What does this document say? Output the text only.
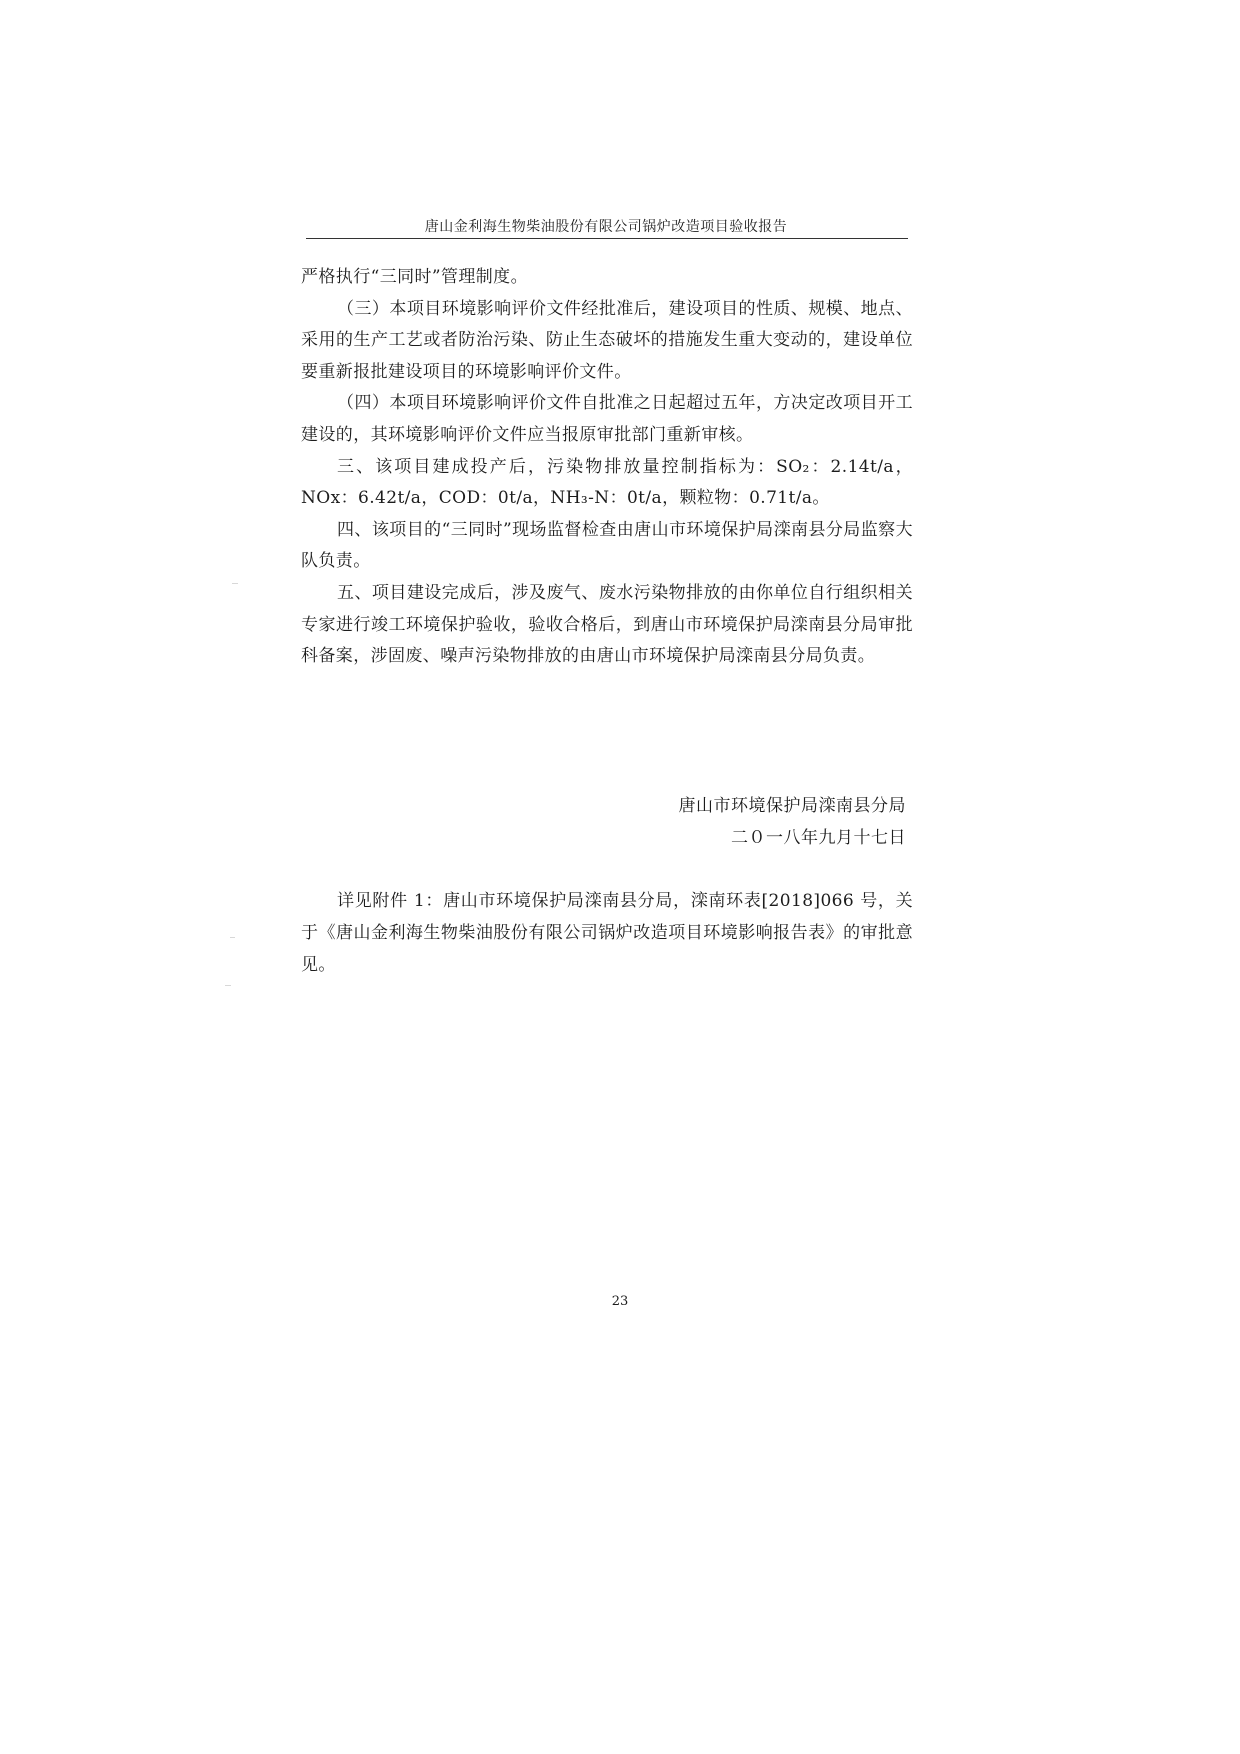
唐山金利海生物柴油股份有限公司锅炉改造项目验收报告

严格执行“三同时”管理制度。

（三）本项目环境影响评价文件经批准后，建设项目的性质、规模、地点、采用的生产工艺或者防治污染、防止生态破坏的措施发生重大变动的，建设单位要重新报批建设项目的环境影响评价文件。

（四）本项目环境影响评价文件自批准之日起超过五年，方决定改项目开工建设的，其环境影响评价文件应当报原审批部门重新审核。

三、该项目建成投产后，污染物排放量控制指标为：SO₂：2.14t/a，NOx：6.42t/a，COD：0t/a，NH₃-N：0t/a，颗粒物：0.71t/a。

四、该项目的“三同时”现场监督检查由唐山市环境保护局滦南县分局监察大队负责。

五、项目建设完成后，涉及废气、废水污染物排放的由你单位自行组织相关专家进行竣工环境保护验收，验收合格后，到唐山市环境保护局滦南县分局审批科备案，涉固废、噪声污染物排放的由唐山市环境保护局滦南县分局负责。

唐山市环境保护局滦南县分局
二０一八年九月十七日

详见附件 1：唐山市环境保护局滦南县分局，滦南环表[2018]066 号，关于《唐山金利海生物柴油股份有限公司锅炉改造项目环境影响报告表》的审批意见。

23
